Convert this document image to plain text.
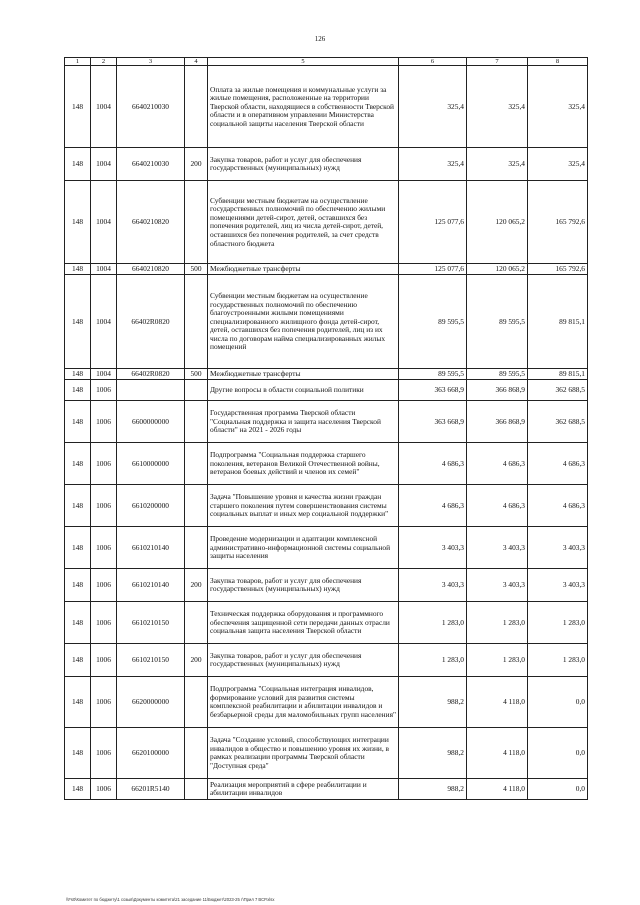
126
1	2	3	4	5	6	7	8
148	1004	6640210030		Оплата за жилые помещения и коммунальные услуги за жилые помещения, расположенные на территории Тверской области, находящиеся в собственности Тверской области и в оперативном управлении Министерства социальной защиты населения Тверской области	325,4	325,4	325,4
148	1004	6640210030	200	Закупка товаров, работ и услуг для обеспечения государственных (муниципальных) нужд	325,4	325,4	325,4
148	1004	6640210820		Субвенции местным бюджетам на осуществление государственных полномочий по обеспечению жилыми помещениями детей-сирот, детей, оставшихся без попечения родителей, лиц из числа детей-сирот, детей, оставшихся без попечения родителей, за счет средств областного бюджета	125 077,6	120 065,2	165 792,6
148	1004	6640210820	500	Межбюджетные трансферты	125 077,6	120 065,2	165 792,6
148	1004	66402R0820		Субвенции местным бюджетам на осуществление государственных полномочий по обеспечению благоустроенными жилыми помещениями специализированного жилищного фонда детей-сирот, детей, оставшихся без попечения родителей, лиц из их числа по договорам найма специализированных жилых помещений	89 595,5	89 595,5	89 815,1
148	1004	66402R0820	500	Межбюджетные трансферты	89 595,5	89 595,5	89 815,1
148	1006			Другие вопросы в области социальной политики	363 668,9	366 868,9	362 688,5
148	1006	6600000000		Государственная программа Тверской области "Социальная поддержка и защита населения Тверской области" на 2021 - 2026 годы	363 668,9	366 868,9	362 688,5
148	1006	6610000000		Подпрограмма "Социальная поддержка старшего поколения, ветеранов Великой Отечественной войны, ветеранов боевых действий и членов их семей"	4 686,3	4 686,3	4 686,3
148	1006	6610200000		Задача "Повышение уровня и качества жизни граждан старшего поколения путем совершенствования системы социальных выплат и иных мер социальной поддержки"	4 686,3	4 686,3	4 686,3
148	1006	6610210140		Проведение модернизации и адаптации комплексной административно-информационной системы социальной защиты населения	3 403,3	3 403,3	3 403,3
148	1006	6610210140	200	Закупка товаров, работ и услуг для обеспечения государственных (муниципальных) нужд	3 403,3	3 403,3	3 403,3
148	1006	6610210150		Техническая поддержка оборудования и программного обеспечения защищенной сети передачи данных отрасли социальная защита населения Тверской области	1 283,0	1 283,0	1 283,0
148	1006	6610210150	200	Закупка товаров, работ и услуг для обеспечения государственных (муниципальных) нужд	1 283,0	1 283,0	1 283,0
148	1006	6620000000		Подпрограмма "Социальная интеграция инвалидов, формирование условий для развития системы комплексной реабилитации и абилитации инвалидов и безбарьерной среды для маломобильных групп населения"	988,2	4 118,0	0,0
148	1006	6620100000		Задача "Создание условий, способствующих интеграции инвалидов в общество и повышению уровня их жизни, в рамках реализации программы Тверской области "Доступная среда"	988,2	4 118,0	0,0
148	1006	66201R5140		Реализация мероприятий в сфере реабилитации и абилитации инвалидов	988,2	4 118,0	0,0
\\Fs0\Комитет по бюджету\1 созыв\Документы комитета\21 заседание 11\Бюджет\2023-25 г\Прил 7 ВСР.xlsx
